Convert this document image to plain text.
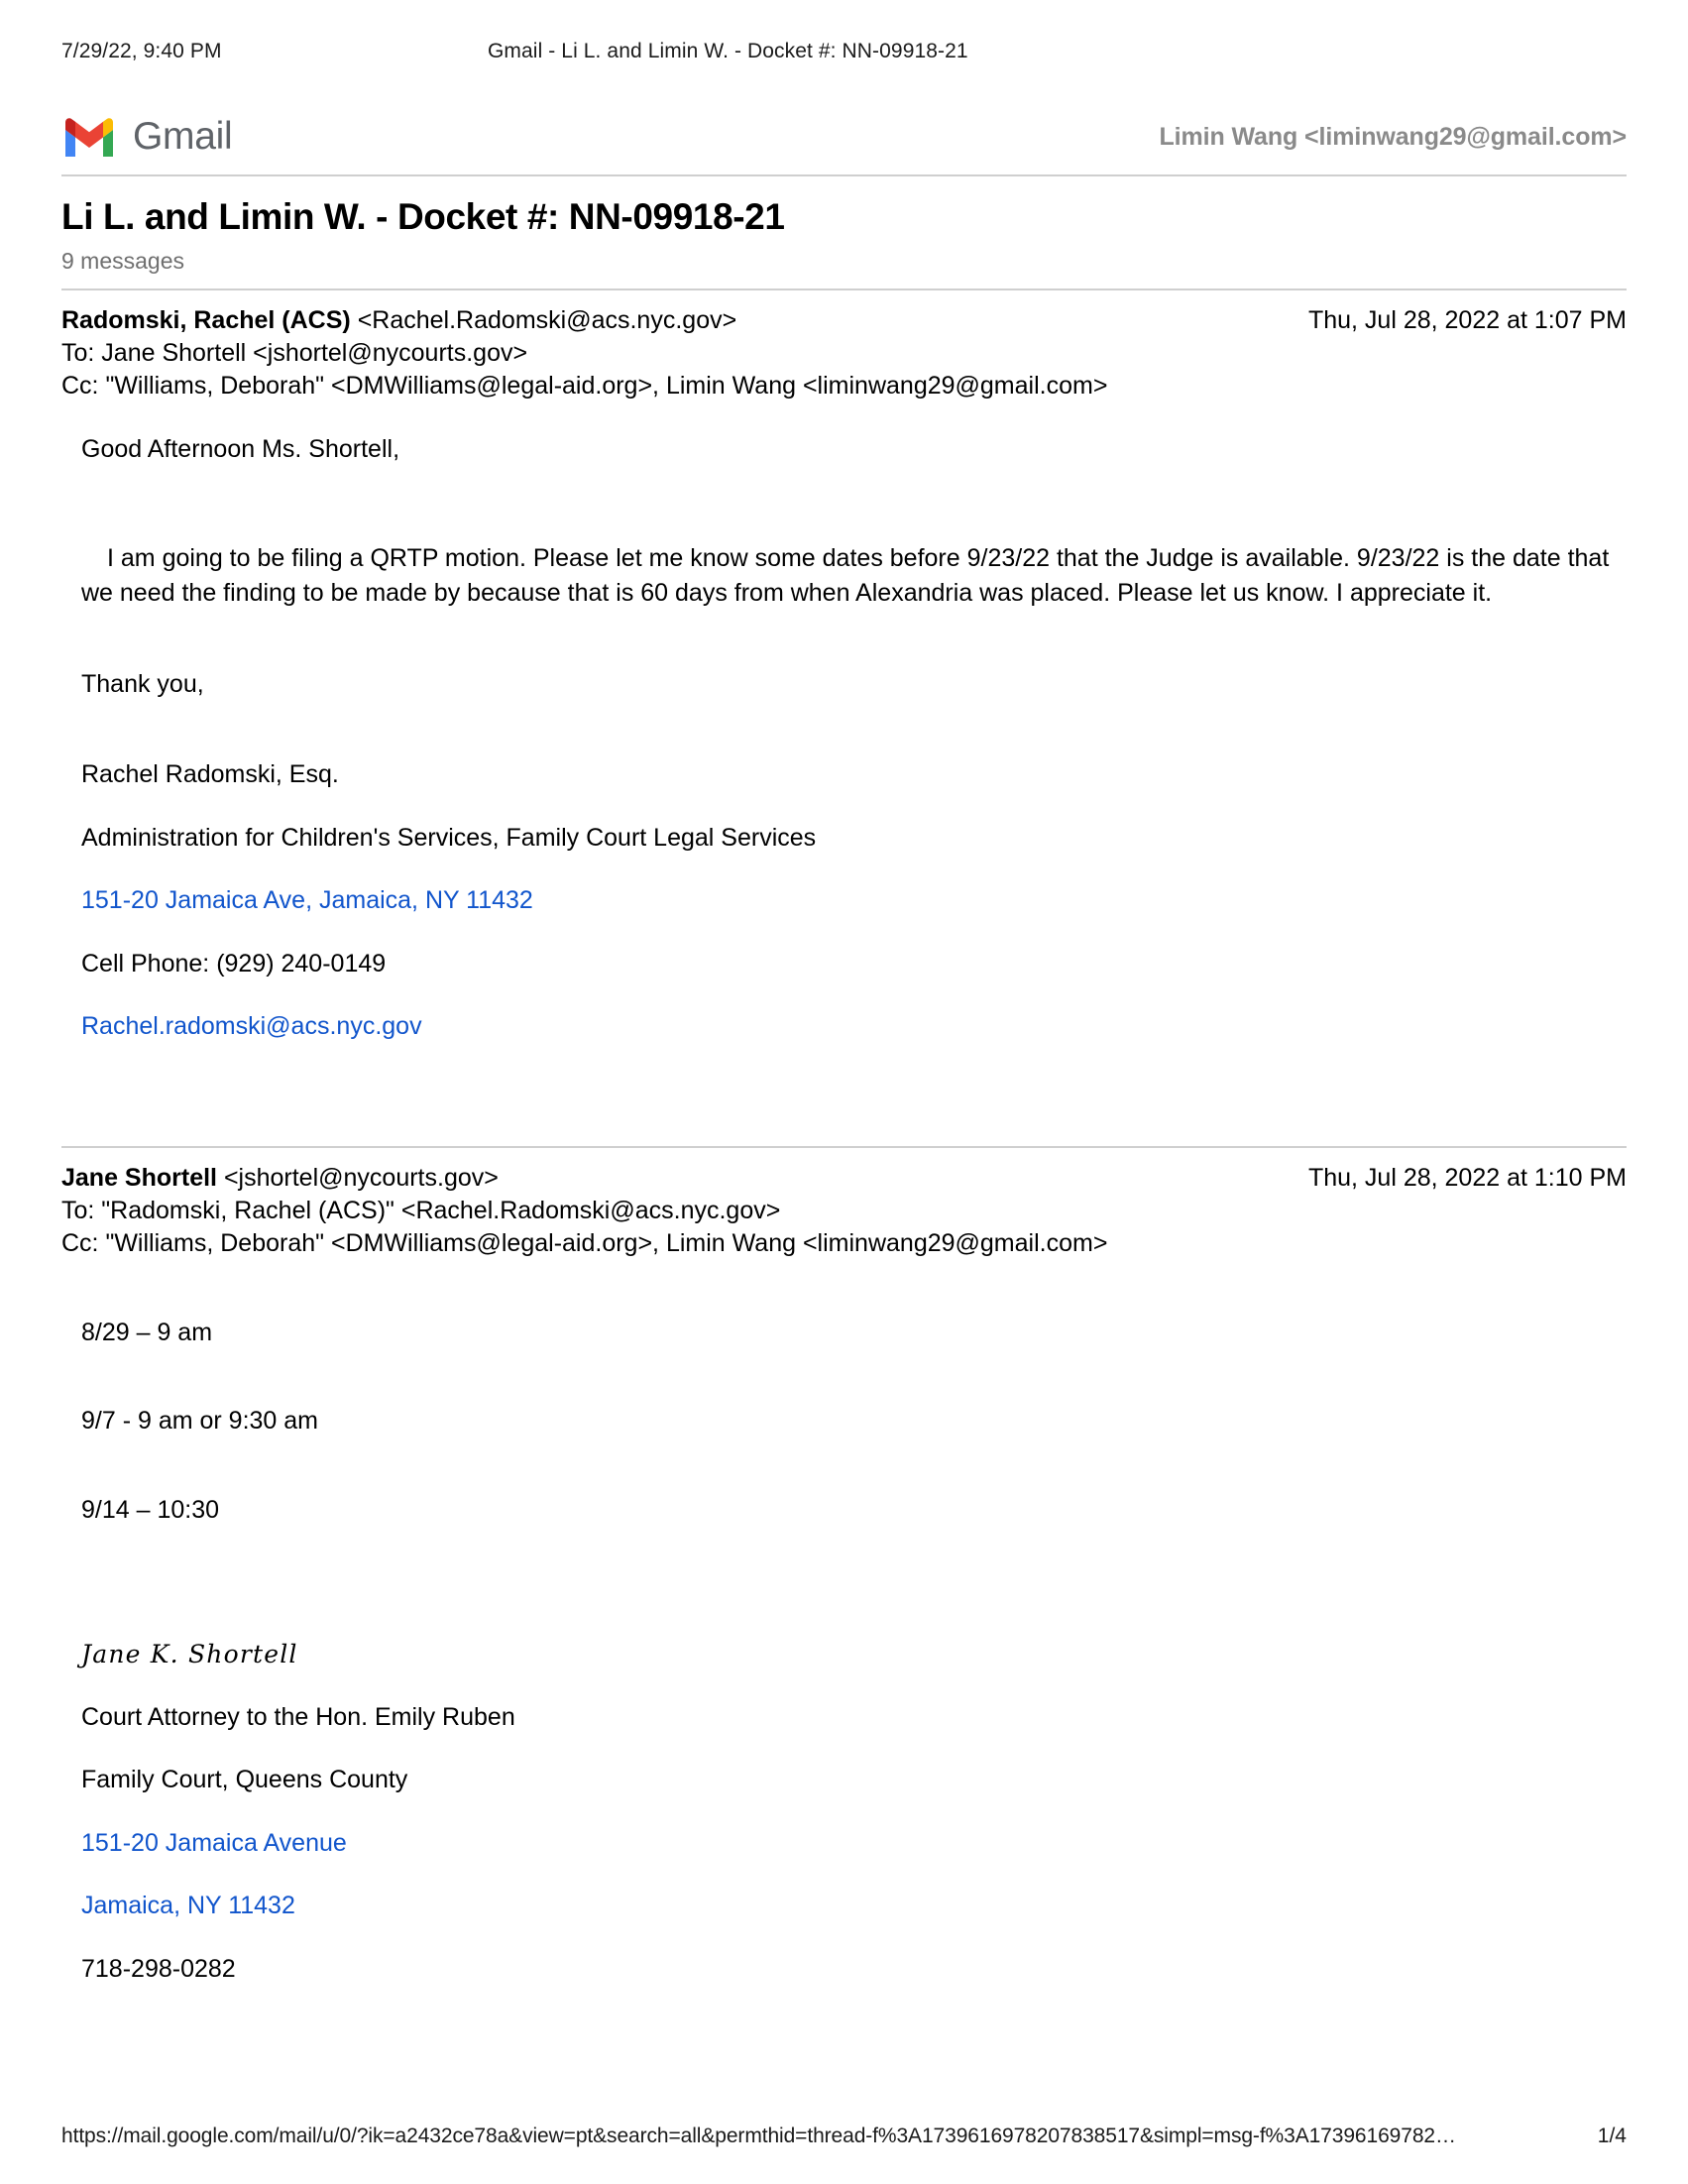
7/29/22, 9:40 PM	Gmail - Li L. and Limin W. - Docket #: NN-09918-21
Gmail	Limin Wang <liminwang29@gmail.com>
Li L. and Limin W. - Docket #: NN-09918-21
9 messages
Radomski, Rachel (ACS) <Rachel.Radomski@acs.nyc.gov>	Thu, Jul 28, 2022 at 1:07 PM
To: Jane Shortell <jshortel@nycourts.gov>
Cc: "Williams, Deborah" <DMWilliams@legal-aid.org>, Limin Wang <liminwang29@gmail.com>
Good Afternoon Ms. Shortell,
I am going to be filing a QRTP motion. Please let me know some dates before 9/23/22 that the Judge is available. 9/23/22 is the date that we need the finding to be made by because that is 60 days from when Alexandria was placed. Please let us know. I appreciate it.
Thank you,
Rachel Radomski, Esq.
Administration for Children's Services, Family Court Legal Services
151-20 Jamaica Ave, Jamaica, NY 11432
Cell Phone: (929) 240-0149
Rachel.radomski@acs.nyc.gov
Jane Shortell <jshortel@nycourts.gov>	Thu, Jul 28, 2022 at 1:10 PM
To: "Radomski, Rachel (ACS)" <Rachel.Radomski@acs.nyc.gov>
Cc: "Williams, Deborah" <DMWilliams@legal-aid.org>, Limin Wang <liminwang29@gmail.com>
8/29 – 9 am
9/7 - 9 am or 9:30 am
9/14 – 10:30
Jane K. Shortell
Court Attorney to the Hon. Emily Ruben
Family Court, Queens County
151-20 Jamaica Avenue
Jamaica, NY 11432
718-298-0282
https://mail.google.com/mail/u/0/?ik=a2432ce78a&view=pt&search=all&permthid=thread-f%3A1739616978207838517&simpl=msg-f%3A17396169782…	1/4
